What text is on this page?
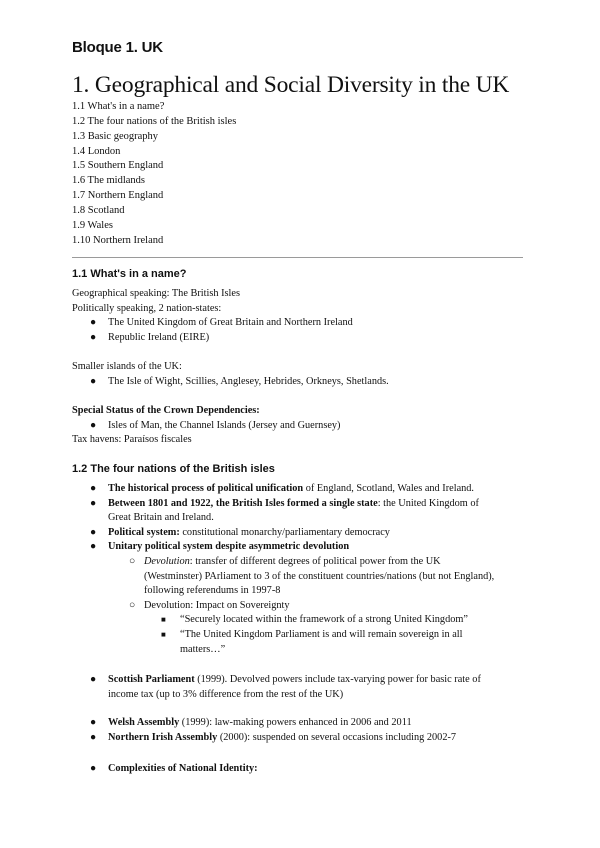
Bloque 1. UK
1. Geographical and Social Diversity in the UK
1.1 What's in a name?
1.2 The four nations of the British isles
1.3 Basic geography
1.4 London
1.5 Southern England
1.6 The midlands
1.7 Northern England
1.8 Scotland
1.9 Wales
1.10 Northern Ireland
1.1 What's in a name?
Geographical speaking: The British Isles
Politically speaking, 2 nation-states:
● The United Kingdom of Great Britain and Northern Ireland
● Republic Ireland (EIRE)
Smaller islands of the UK:
● The Isle of Wight, Scillies, Anglesey, Hebrides, Orkneys, Shetlands.
Special Status of the Crown Dependencies:
● Isles of Man, the Channel Islands (Jersey and Guernsey)
Tax havens: Paraísos fiscales
1.2 The four nations of the British isles
● The historical process of political unification of England, Scotland, Wales and Ireland.
● Between 1801 and 1922, the British Isles formed a single state: the United Kingdom of
Great Britain and Ireland.
● Political system: constitutional monarchy/parliamentary democracy
● Unitary political system despite asymmetric devolution
○ Devolution: transfer of different degrees of political power from the UK
(Westminster) PArliament to 3 of the constituent countries/nations (but not England),
following referendums in 1997-8
○ Devolution: Impact on Sovereignty
■ “Securely located within the framework of a strong United Kingdom”
■ “The United Kingdom Parliament is and will remain sovereign in all
matters…”
● Scottish Parliament (1999). Devolved powers include tax-varying power for basic rate of
income tax (up to 3% difference from the rest of the UK)
● Welsh Assembly (1999): law-making powers enhanced in 2006 and 2011
● Northern Irish Assembly (2000): suspended on several occasions including 2002-7
● Complexities of National Identity:
